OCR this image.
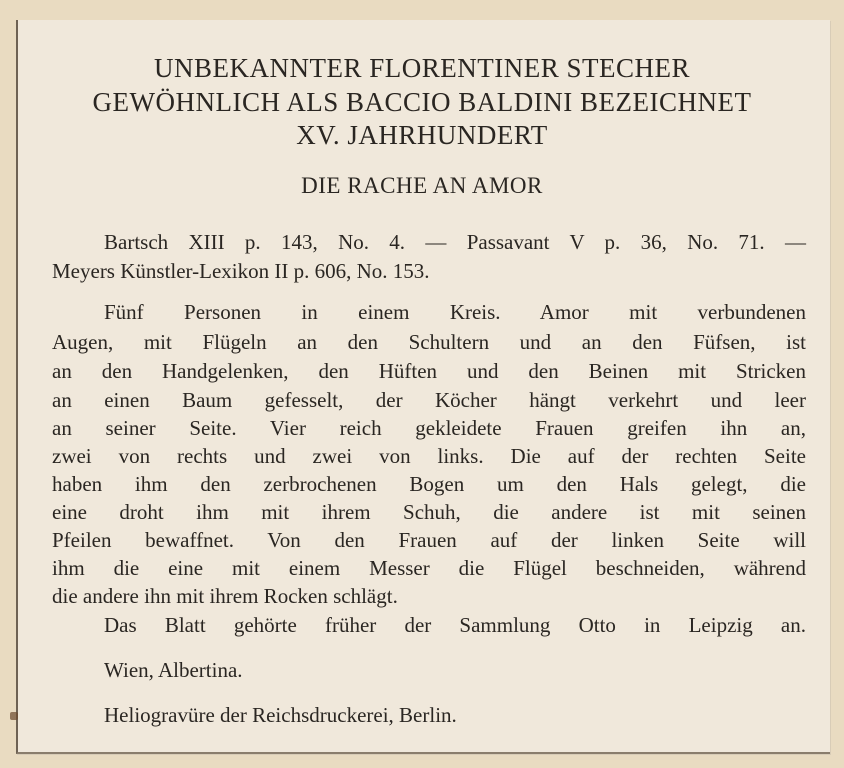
UNBEKANNTER FLORENTINER STECHER
GEWÖHNLICH ALS BACCIO BALDINI BEZEICHNET
XV. JAHRHUNDERT
DIE RACHE AN AMOR
Bartsch XIII p. 143, No. 4. — Passavant V p. 36, No. 71. —
Meyers Künstler-Lexikon II p. 606, No. 153.
Fünf Personen in einem Kreis. Amor mit verbundenen
Augen, mit Flügeln an den Schultern und an den Füfsen, ist
an den Handgelenken, den Hüften und den Beinen mit Stricken
an einen Baum gefesselt, der Köcher hängt verkehrt und leer
an seiner Seite. Vier reich gekleidete Frauen greifen ihn an,
zwei von rechts und zwei von links. Die auf der rechten Seite
haben ihm den zerbrochenen Bogen um den Hals gelegt, die
eine droht ihm mit ihrem Schuh, die andere ist mit seinen
Pfeilen bewaffnet. Von den Frauen auf der linken Seite will
ihm die eine mit einem Messer die Flügel beschneiden, während
die andere ihn mit ihrem Rocken schlägt.
Das Blatt gehörte früher der Sammlung Otto in Leipzig an.
Wien, Albertina.
Heliogravüre der Reichsdruckerei, Berlin.
